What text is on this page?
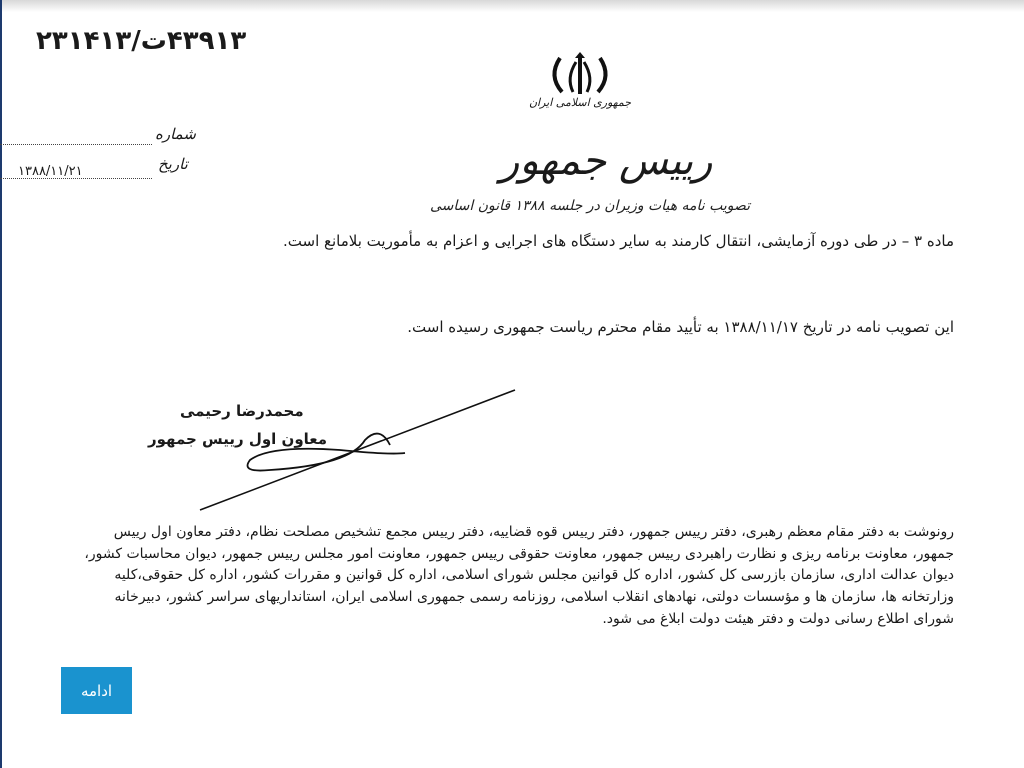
۴۳۹۱۳ت/۲۳۱۴۱۳
جمهوری اسلامی ایران
شماره
تاریخ
۱۳۸۸/۱۱/۲۱	رییس جمهور
تصویب نامه هیات وزیران در جلسه ۱۳۸۸ قانون اساسی
ماده ۳ – در طی دوره آزمایشی، انتقال کارمند به سایر دستگاه های اجرایی و اعزام به مأموریت بلامانع است.
این تصویب نامه در تاریخ ۱۳۸۸/۱۱/۱۷ به تأیید مقام محترم ریاست جمهوری رسیده است.
محمدرضا رحیمی
معاون اول رییس جمهور
رونوشت به دفتر مقام معظم رهبری، دفتر رییس جمهور، دفتر رییس قوه قضاییه، دفتر رییس مجمع تشخیص مصلحت نظام، دفتر معاون اول رییس جمهور، معاونت برنامه ریزی و نظارت راهبردی رییس جمهور، معاونت حقوقی رییس جمهور، معاونت امور مجلس رییس جمهور، دیوان محاسبات کشور، دیوان عدالت اداری، سازمان بازرسی کل کشور، اداره کل قوانین مجلس شورای اسلامی، اداره کل قوانین و مقررات کشور، اداره کل حقوقی،کلیه وزارتخانه ها، سازمان ها و مؤسسات دولتی، نهادهای انقلاب اسلامی، روزنامه رسمی جمهوری اسلامی ایران، استانداریهای سراسر کشور، دبیرخانه شورای اطلاع رسانی دولت و دفتر هیئت دولت ابلاغ می شود.
ادامه
